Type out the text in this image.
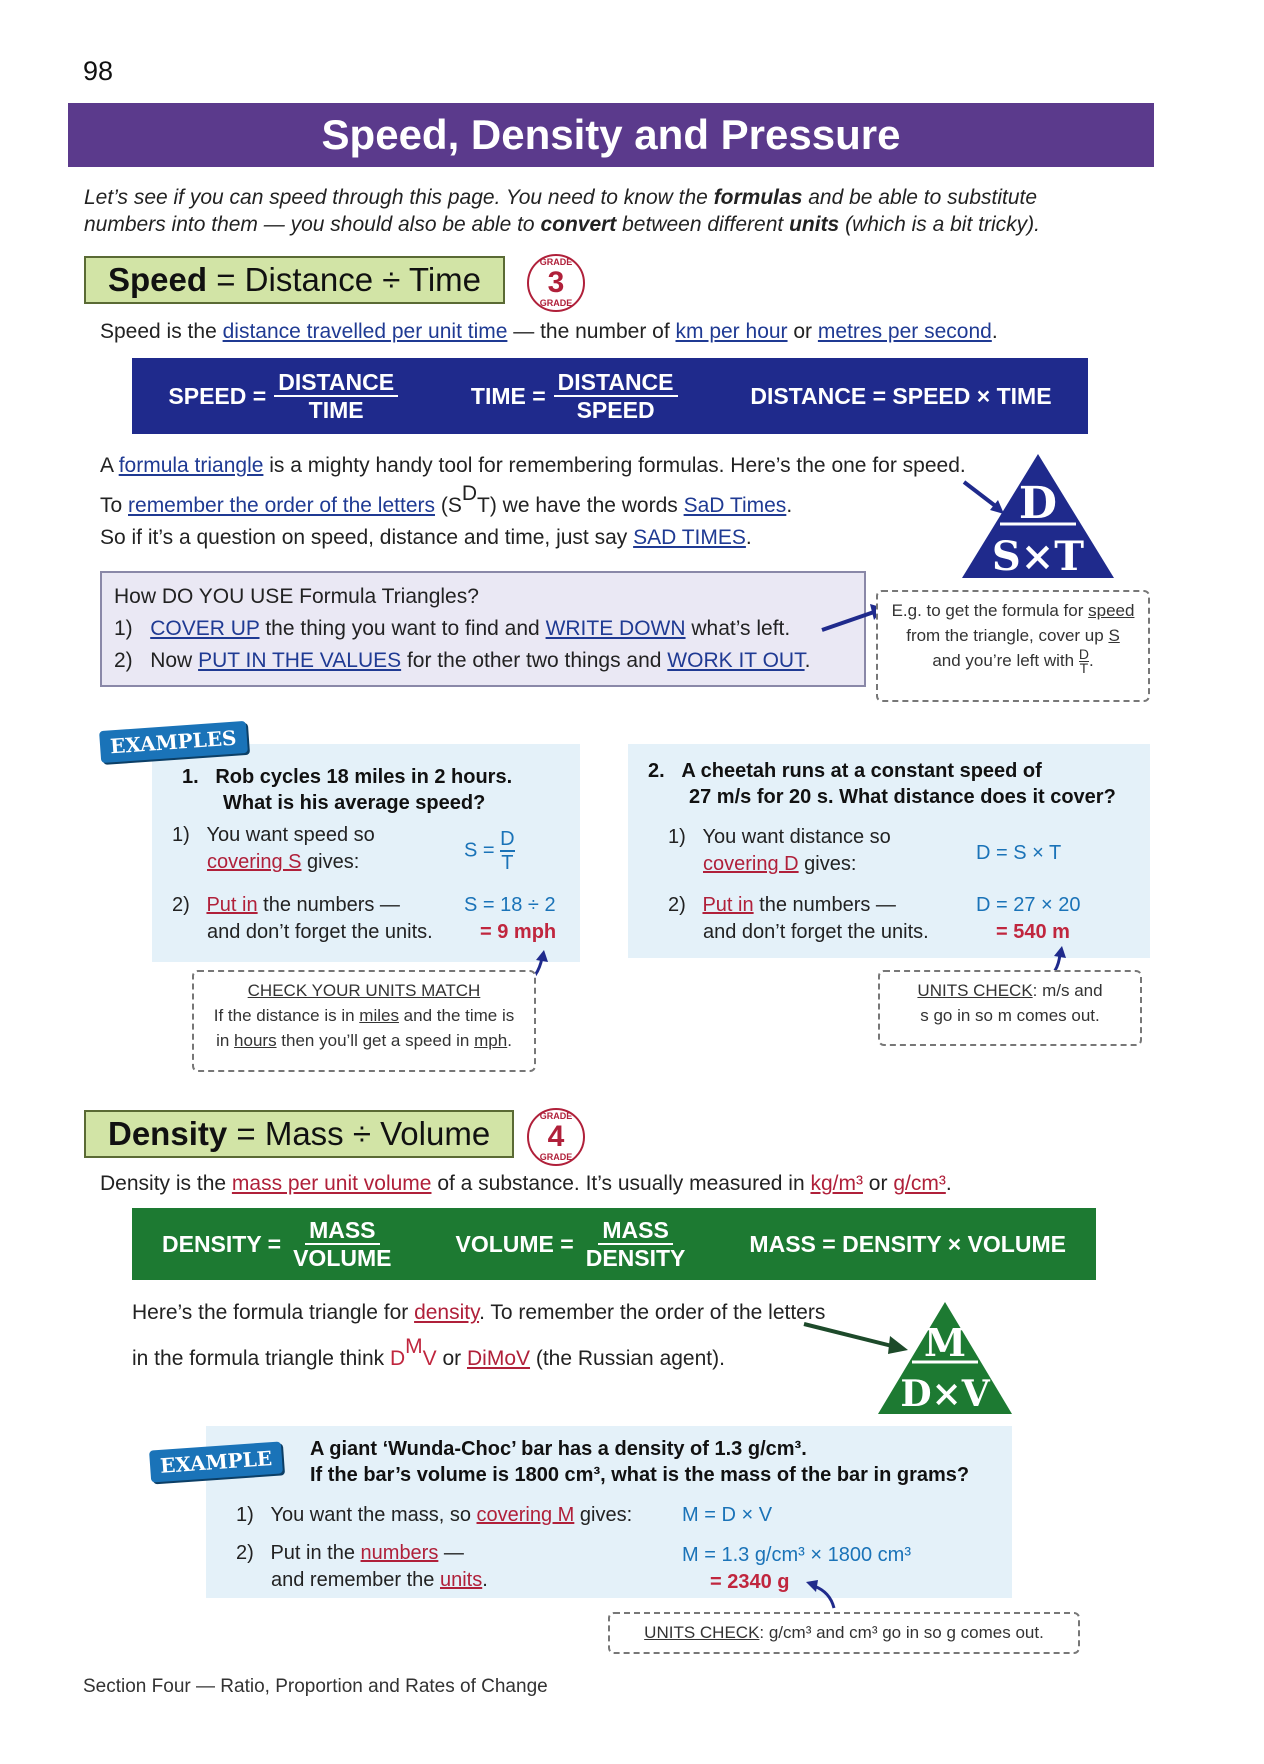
98
Speed, Density and Pressure
Let’s see if you can speed through this page. You need to know the formulas and be able to substitute
numbers into them — you should also be able to convert between different units (which is a bit tricky).
Speed = Distance ÷ Time	GRADE
3
GRADE
Speed is the distance travelled per unit time — the number of km per hour or metres per second.
SPEED = $\frac{\text{DISTANCE}}{\text{TIME}}$	TIME = $\frac{\text{DISTANCE}}{\text{SPEED}}$	DISTANCE = SPEED × TIME
A formula triangle is a mighty handy tool for remembering formulas. Here’s the one for speed.
To remember the order of the letters $(S^DT)$ we have the words SaD Times.
So if it’s a question on speed, distance and time, just say SAD TIMES.
D
S×T
How DO YOU USE Formula Triangles?
1) COVER UP the thing you want to find and WRITE DOWN what’s left.
2) Now PUT IN THE VALUES for the other two things and WORK IT OUT.
E.g. to get the formula for speed
from the triangle, cover up S
and you’re left with $\frac{D}{T}$ .
EXAMPLES
1. Rob cycles 18 miles in 2 hours.
What is his average speed?
1) You want speed so
covering S gives:
$S = \frac{D}{T}$
2) Put in the numbers —
and don’t forget the units.
S = 18 ÷ 2
= 9 mph
CHECK YOUR UNITS MATCH
If the distance is in miles and the time is
in hours then you’ll get a speed in mph.
2. A cheetah runs at a constant speed of
27 m/s for 20 s. What distance does it cover?
1) You want distance so
covering D gives:	D = S × T
2) Put in the numbers —
and don’t forget the units.
D = 27 × 20
= 540 m
UNITS CHECK: m/s and
s go in so m comes out.
Density = Mass ÷ Volume	GRADE
4
GRADE
Density is the mass per unit volume of a substance. It’s usually measured in kg/m³ or g/cm³.
DENSITY = $\frac{\text{MASS}}{\text{VOLUME}}$	VOLUME = $\frac{\text{MASS}}{\text{DENSITY}}$	MASS = DENSITY × VOLUME
Here’s the formula triangle for density. To remember the order of the letters
in the formula triangle think $D^MV$ or DiMoV (the Russian agent).	M
D×V
EXAMPLE	A giant ‘Wunda-Choc’ bar has a density of 1.3 g/cm³.
If the bar’s volume is 1800 cm³, what is the mass of the bar in grams?
1) You want the mass, so covering M gives: M = D × V
2) Put in the numbers —
and remember the units.
M = 1.3 g/cm³ × 1800 cm³
= 2340 g
UNITS CHECK: g/cm³ and cm³ go in so g comes out.
Section Four — Ratio, Proportion and Rates of Change
